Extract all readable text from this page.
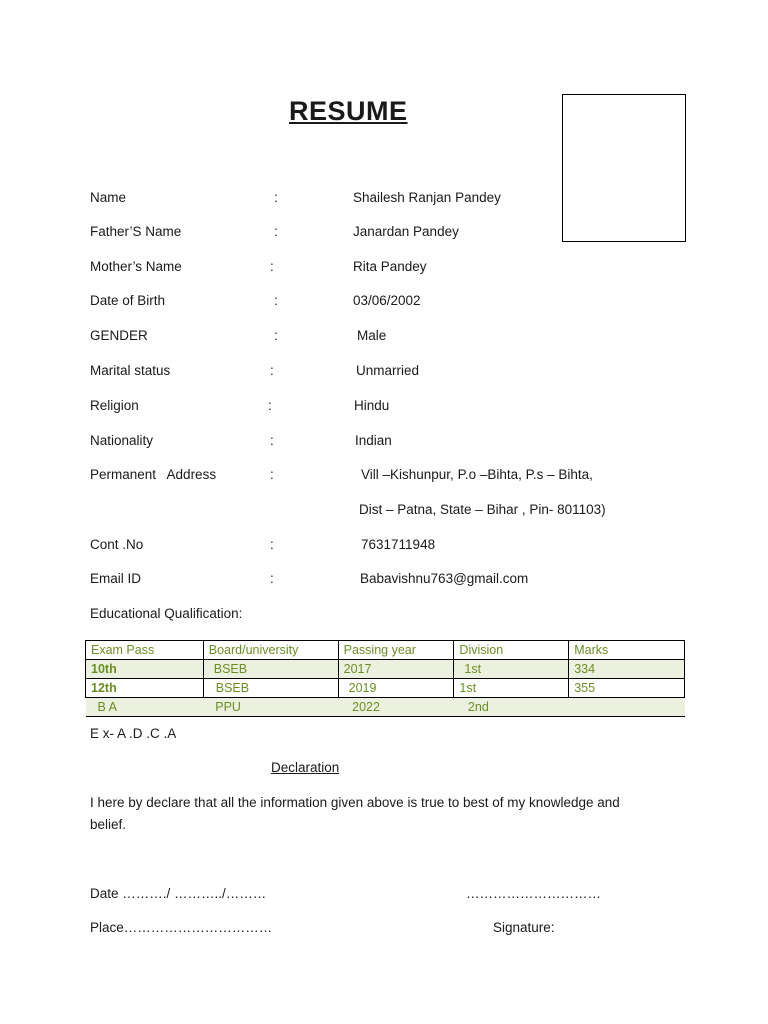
RESUME
Name	:	Shailesh Ranjan Pandey
Father’S Name	:	Janardan Pandey
Mother’s Name	:	Rita Pandey
Date of Birth	:	03/06/2002
GENDER	:	Male
Marital status	:	Unmarried
Religion	:	Hindu
Nationality	:	Indian
Permanent   Address	:	Vill –Kishunpur, P.o –Bihta, P.s – Bihta,
Dist – Patna, State – Bihar , Pin- 801103)
Cont .No	:	7631711948
Email ID	:	Babavishnu763@gmail.com
Educational Qualification:
Exam Pass	Board/university	Passing year	Division	Marks
10th	BSEB	2017	1st	334
12th	BSEB	2019	1st	355
B A	PPU	2022	2nd	
E x- A .D .C .A
Declaration
I here by declare that all the information given above is true to best of my knowledge and
belief.
Date ………./ ………../………	…………………………
Place……………………………	Signature:
